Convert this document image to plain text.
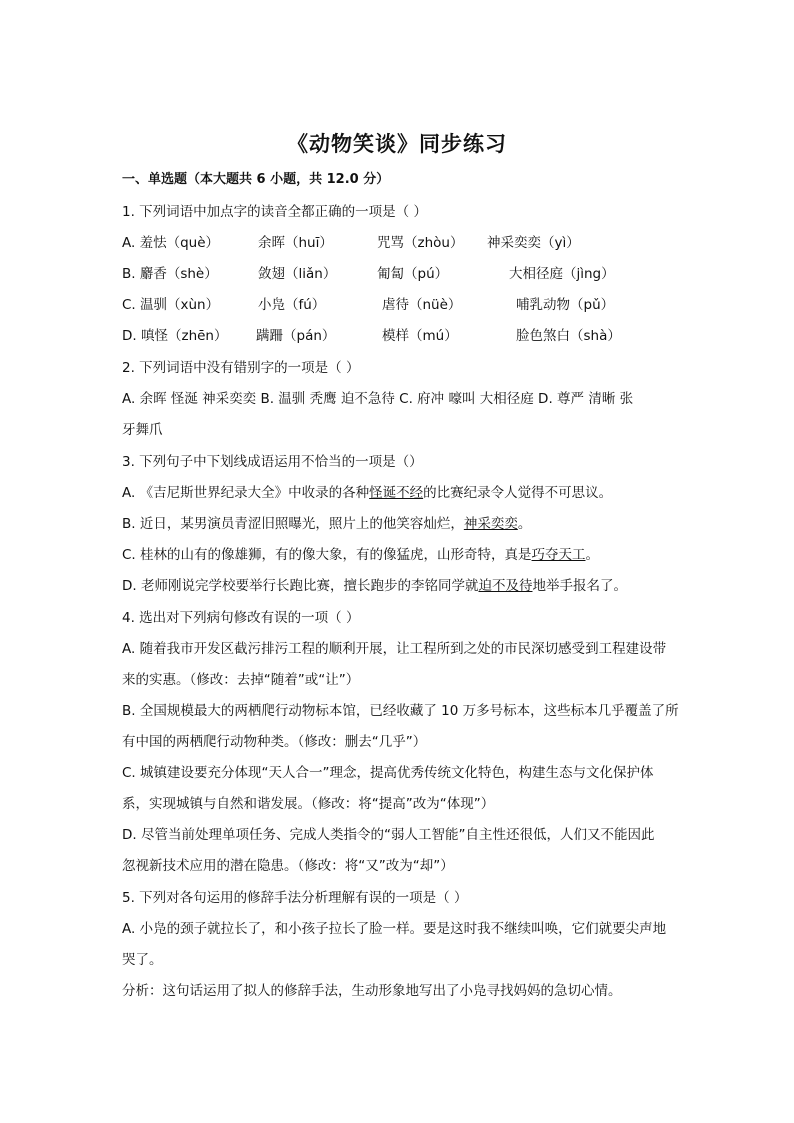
《动物笑谈》同步练习
一、单选题（本大题共 6 小题，共 12.0 分）
1. 下列词语中加点字的读音全都正确的一项是（ ）
A. 羞怯（què）	余晖（huī）	咒骂（zhòu） 神采奕奕（yì）
B. 麝香（shè）	敛翅（liǎn）	匍匐（pú）	大相径庭（jìng）
C. 温驯（xùn）	小凫（fú）	虐待（nüè）	哺乳动物（pǔ）
D. 嗔怪（zhēn） 蹒跚（pán）	模样（mú）	脸色煞白（shà）
2. 下列词语中没有错别字的一项是（ ）
A. 余晖 怪涎 神采奕奕 B. 温驯 秃鹰 迫不急待 C. 府冲 嚎叫 大相径庭 D. 尊严 清晰 张
牙舞爪
3. 下列句子中下划线成语运用不恰当的一项是（）
A. 《吉尼斯世界纪录大全》中收录的各种怪诞不经的比赛纪录令人觉得不可思议。
B. 近日，某男演员青涩旧照曝光，照片上的他笑容灿烂，神采奕奕。
C. 桂林的山有的像雄狮，有的像大象，有的像猛虎，山形奇特，真是巧夺天工。
D. 老师刚说完学校要举行长跑比赛，擅长跑步的李铭同学就迫不及待地举手报名了。
4. 选出对下列病句修改有误的一项（ ）
A. 随着我市开发区截污排污工程的顺利开展，让工程所到之处的市民深切感受到工程建设带
来的实惠。（修改：去掉“随着”或“让”）
B. 全国规模最大的两栖爬行动物标本馆，已经收藏了 10 万多号标本，这些标本几乎覆盖了所
有中国的两栖爬行动物种类。（修改：删去“几乎”）
C. 城镇建设要充分体现“天人合一”理念，提高优秀传统文化特色，构建生态与文化保护体
系，实现城镇与自然和谐发展。（修改：将“提高”改为“体现”）
D. 尽管当前处理单项任务、完成人类指令的“弱人工智能”自主性还很低，人们又不能因此
忽视新技术应用的潜在隐患。（修改：将“又”改为“却”）
5. 下列对各句运用的修辞手法分析理解有误的一项是（ ）
A. 小凫的颈子就拉长了，和小孩子拉长了脸一样。要是这时我不继续叫唤，它们就要尖声地
哭了。
分析：这句话运用了拟人的修辞手法，生动形象地写出了小凫寻找妈妈的急切心情。
